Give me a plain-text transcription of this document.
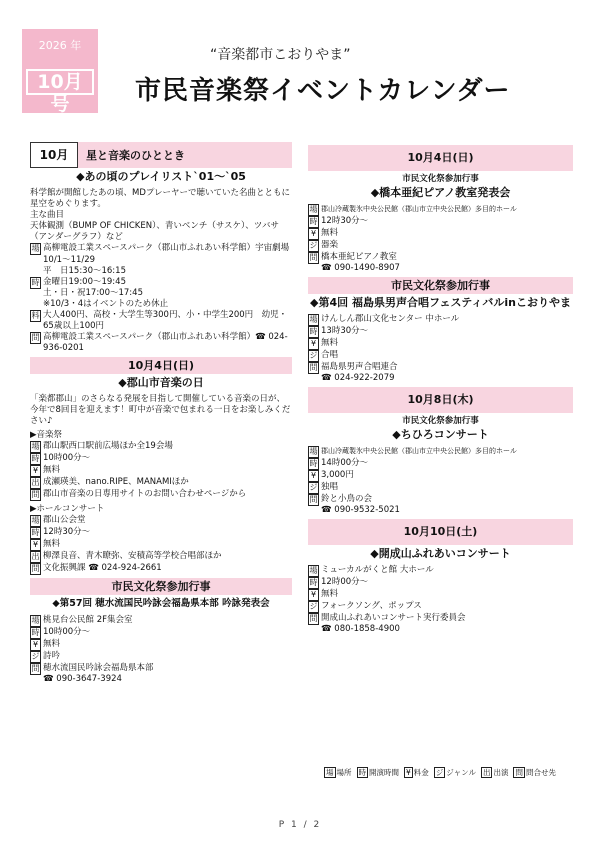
2026 年
10月号
“音楽都市こおりやま”
市民音楽祭イベントカレンダー
10月	星と音楽のひととき
◆あの頃のプレイリスト`01～`05
科学館が開館したあの頃、MDプレーヤーで聴いていた名曲とともに星空をめぐります。
主な曲目
天体観測（BUMP OF CHICKEN）、青いベンチ（サスケ）、ツバサ（アンダーグラフ）など
場 高柳電設工業スペースパーク（郡山市ふれあい科学館）宇宙劇場
時
10/1～11/29
平　日15:30～16:15
金曜日19:00～19:45
土・日・祝17:00～17:45
※10/3・4はイベントのため休止
料 大人400円、高校・大学生等300円、小・中学生200円　幼児・65歳以上100円
問 高柳電設工業スペースパーク（郡山市ふれあい科学館）☎ 024-936-0201
10月4日(日)
◆郡山市音楽の日
「楽都郡山」のさらなる発展を目指して開催している音楽の日が、今年で8回目を迎えます！町中が音楽で包まれる一日をお楽しみください♪
▶音楽祭
場 郡山駅西口駅前広場ほか全19会場
時 10時00分～
¥ 無料
出 成瀬瑛美、nano.RIPE、MANAMIほか
問 郡山市音楽の日専用サイトのお問い合わせページから
▶ホールコンサート
場 郡山公会堂
時 12時30分～
¥ 無料
出 柳澤良音、青木瞭弥、安積高等学校合唱部ほか
問 文化振興課 ☎ 024-924-2661
市民文化祭参加行事
◆第57回 穂水流国民吟詠会福島県本部 吟詠発表会
場 桃見台公民館 2F集会室
時 10時00分～
¥ 無料
ジ 詩吟
問 穂水流国民吟詠会福島県本部
☎ 090-3647-3924
10月4日(日)
市民文化祭参加行事
◆橋本亜紀ピアノ教室発表会
場 郡山冷蔵製氷中央公民館（郡山市立中央公民館）多目的ホール
時 12時30分～
¥ 無料
ジ 器楽
問 橋本亜紀ピアノ教室
☎ 090-1490-8907
市民文化祭参加行事
◆第4回 福島県男声合唱フェスティバルinこおりやま
場 けんしん郡山文化センター 中ホール
時 13時30分～
¥ 無料
ジ 合唱
問 福島県男声合唱連合
☎ 024-922-2079
10月8日(木)
市民文化祭参加行事
◆ちひろコンサート
場 郡山冷蔵製氷中央公民館（郡山市立中央公民館）多目的ホール
時 14時00分～
¥ 3,000円
ジ 独唱
問 鈴と小鳥の会
☎ 090-9532-5021
10月10日(土)
◆開成山ふれあいコンサート
場 ミューカルがくと館 大ホール
時 12時00分～
¥ 無料
ジ フォークソング、ポップス
問 開成山ふれあいコンサート実行委員会
☎ 080-1858-4900
場 場所 時 開演時間 ¥ 料金 ジ ジャンル 出 出演 問 問合せ先
P 1 / 2
